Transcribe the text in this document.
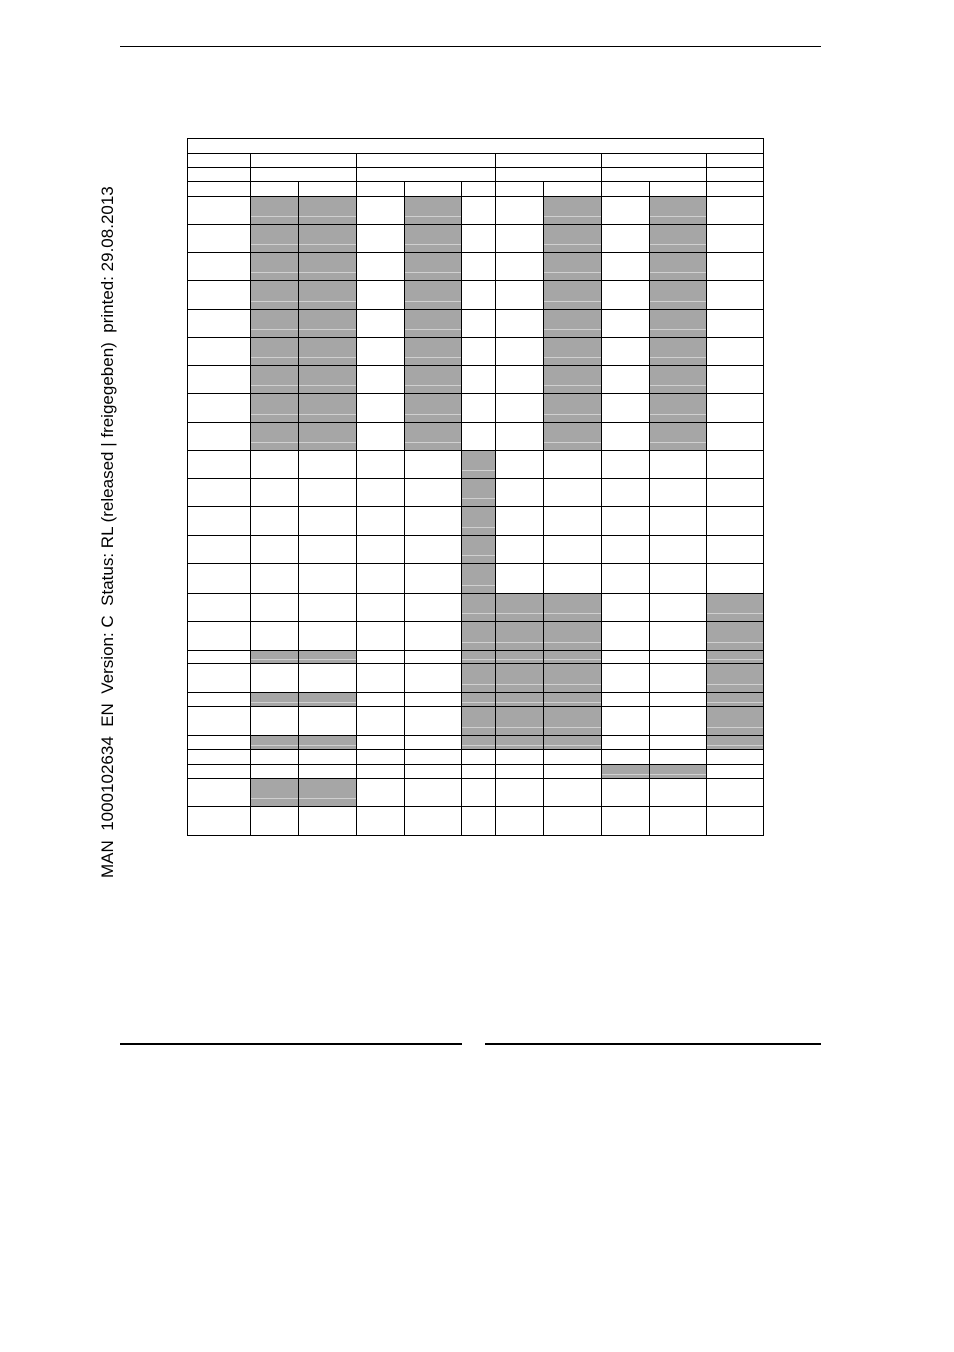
MAN  1000102634  EN  Version: C  Status: RL (released | freigegeben)  printed: 29.08.2013
